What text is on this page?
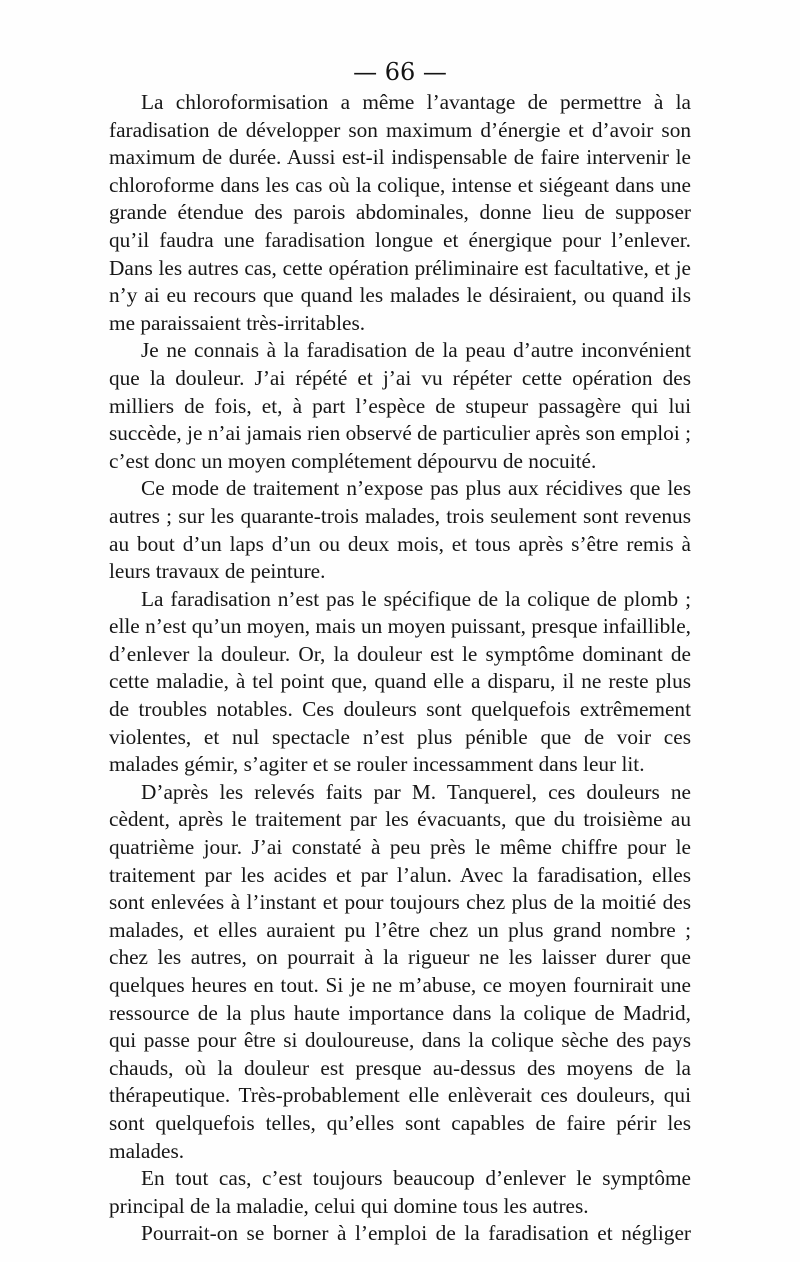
— 66 —

La chloroformisation a même l’avantage de permettre à la faradisation de développer son maximum d’énergie et d’avoir son maximum de durée. Aussi est-il indispensable de faire intervenir le chloroforme dans les cas où la colique, intense et siégeant dans une grande étendue des parois abdominales, donne lieu de supposer qu’il faudra une faradisation longue et énergique pour l’enlever. Dans les autres cas, cette opération préliminaire est facultative, et je n’y ai eu recours que quand les malades le désiraient, ou quand ils me paraissaient très-irritables.

Je ne connais à la faradisation de la peau d’autre inconvénient que la douleur. J’ai répété et j’ai vu répéter cette opération des milliers de fois, et, à part l’espèce de stupeur passagère qui lui succède, je n’ai jamais rien observé de particulier après son emploi ; c’est donc un moyen complétement dépourvu de nocuité.

Ce mode de traitement n’expose pas plus aux récidives que les autres ; sur les quarante-trois malades, trois seulement sont revenus au bout d’un laps d’un ou deux mois, et tous après s’être remis à leurs travaux de peinture.

La faradisation n’est pas le spécifique de la colique de plomb ; elle n’est qu’un moyen, mais un moyen puissant, presque infaillible, d’enlever la douleur. Or, la douleur est le symptôme dominant de cette maladie, à tel point que, quand elle a disparu, il ne reste plus de troubles notables. Ces douleurs sont quelquefois extrêmement violentes, et nul spectacle n’est plus pénible que de voir ces malades gémir, s’agiter et se rouler incessamment dans leur lit.

D’après les relevés faits par M. Tanquerel, ces douleurs ne cèdent, après le traitement par les évacuants, que du troisième au quatrième jour. J’ai constaté à peu près le même chiffre pour le traitement par les acides et par l’alun. Avec la faradisation, elles sont enlevées à l’instant et pour toujours chez plus de la moitié des malades, et elles auraient pu l’être chez un plus grand nombre ; chez les autres, on pourrait à la rigueur ne les laisser durer que quelques heures en tout. Si je ne m’abuse, ce moyen fournirait une ressource de la plus haute importance dans la colique de Madrid, qui passe pour être si douloureuse, dans la colique sèche des pays chauds, où la douleur est presque au-dessus des moyens de la thérapeutique. Très-probablement elle enlèverait ces douleurs, qui sont quelquefois telles, qu’elles sont capables de faire périr les malades.

En tout cas, c’est toujours beaucoup d’enlever le symptôme principal de la maladie, celui qui domine tous les autres.

Pourrait-on se borner à l’emploi de la faradisation et négliger
